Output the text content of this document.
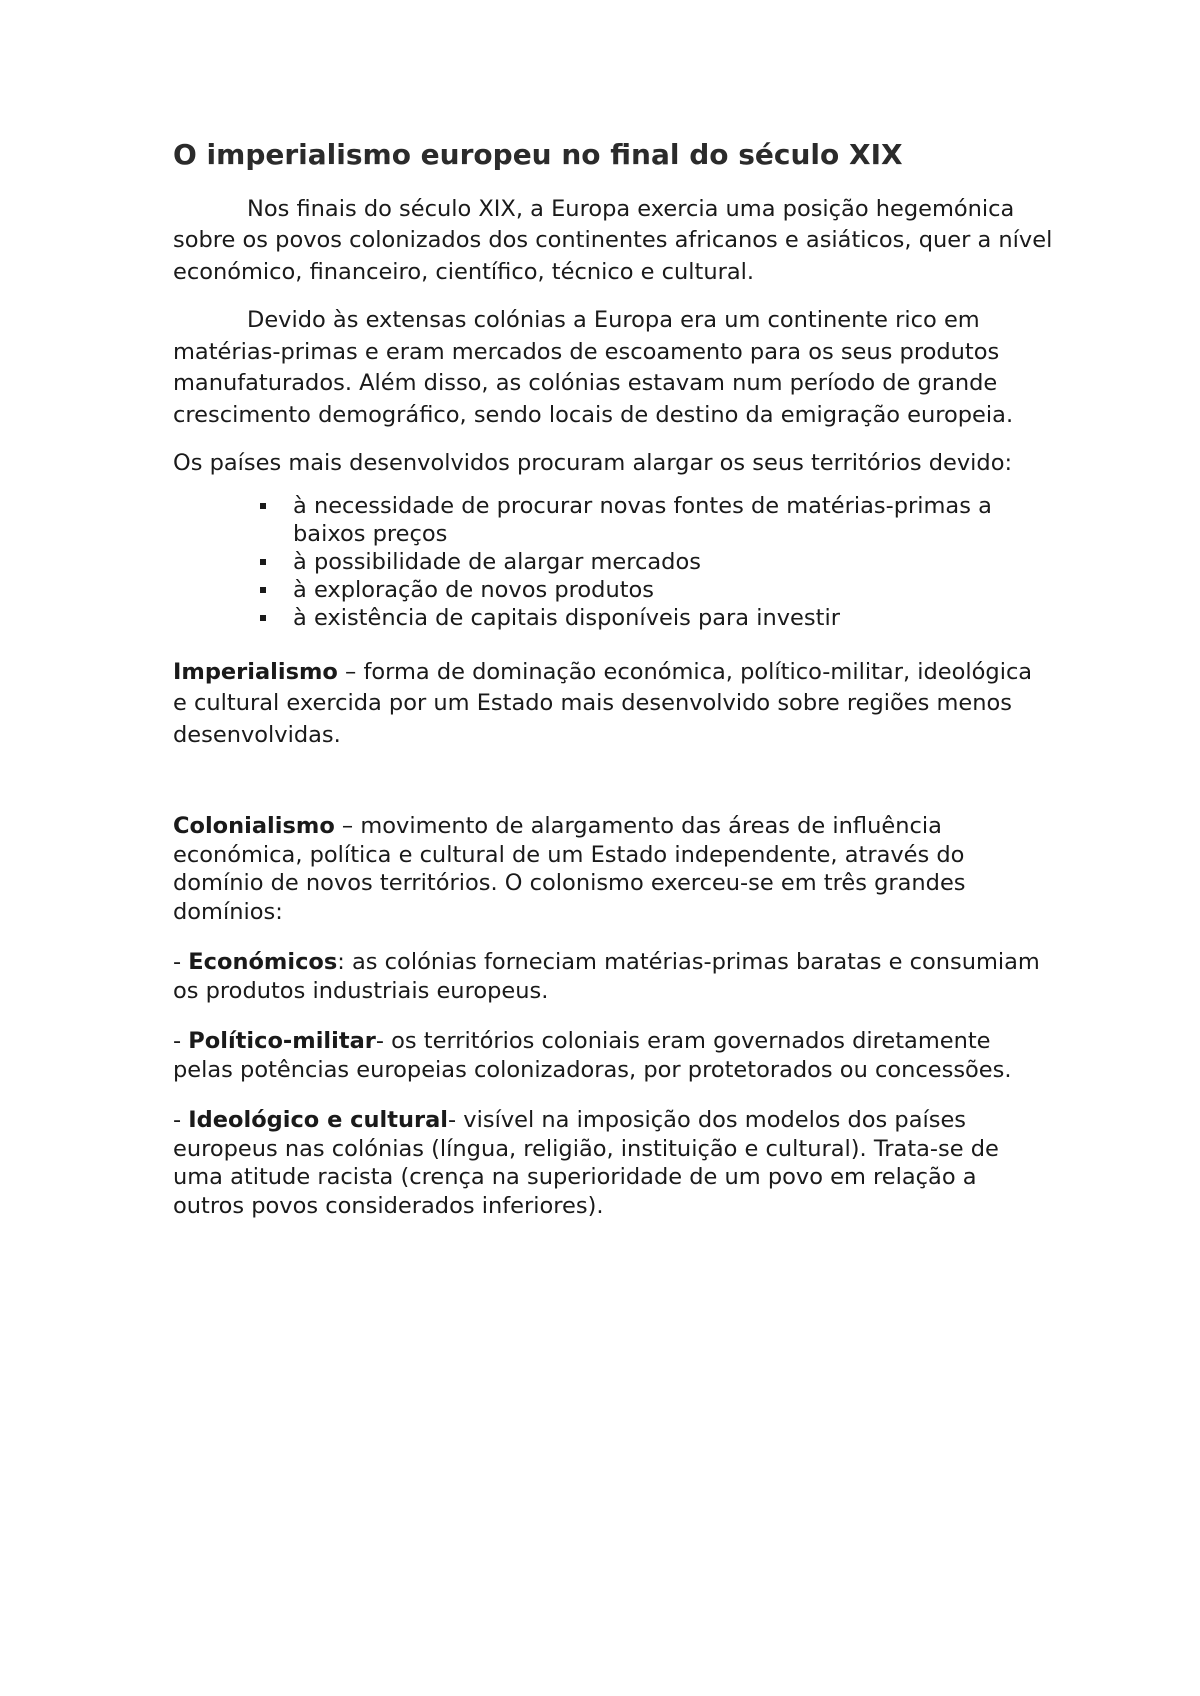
O imperialismo europeu no final do século XIX

Nos finais do século XIX, a Europa exercia uma posição hegemónica sobre os povos colonizados dos continentes africanos e asiáticos, quer a nível económico, financeiro, científico, técnico e cultural.

Devido às extensas colónias a Europa era um continente rico em matérias-primas e eram mercados de escoamento para os seus produtos manufaturados. Além disso, as colónias estavam num período de grande crescimento demográfico, sendo locais de destino da emigração europeia.

Os países mais desenvolvidos procuram alargar os seus territórios devido:

à necessidade de procurar novas fontes de matérias-primas a baixos preços
à possibilidade de alargar mercados
à exploração de novos produtos
à existência de capitais disponíveis para investir

Imperialismo – forma de dominação económica, político-militar, ideológica e cultural exercida por um Estado mais desenvolvido sobre regiões menos desenvolvidas.

Colonialismo – movimento de alargamento das áreas de influência económica, política e cultural de um Estado independente, através do domínio de novos territórios. O colonismo exerceu-se em três grandes domínios:

- Económicos: as colónias forneciam matérias-primas baratas e consumiam os produtos industriais europeus.

- Político-militar- os territórios coloniais eram governados diretamente pelas potências europeias colonizadoras, por protetorados ou concessões.

- Ideológico e cultural- visível na imposição dos modelos dos países europeus nas colónias (língua, religião, instituição e cultural). Trata-se de uma atitude racista (crença na superioridade de um povo em relação a outros povos considerados inferiores).
